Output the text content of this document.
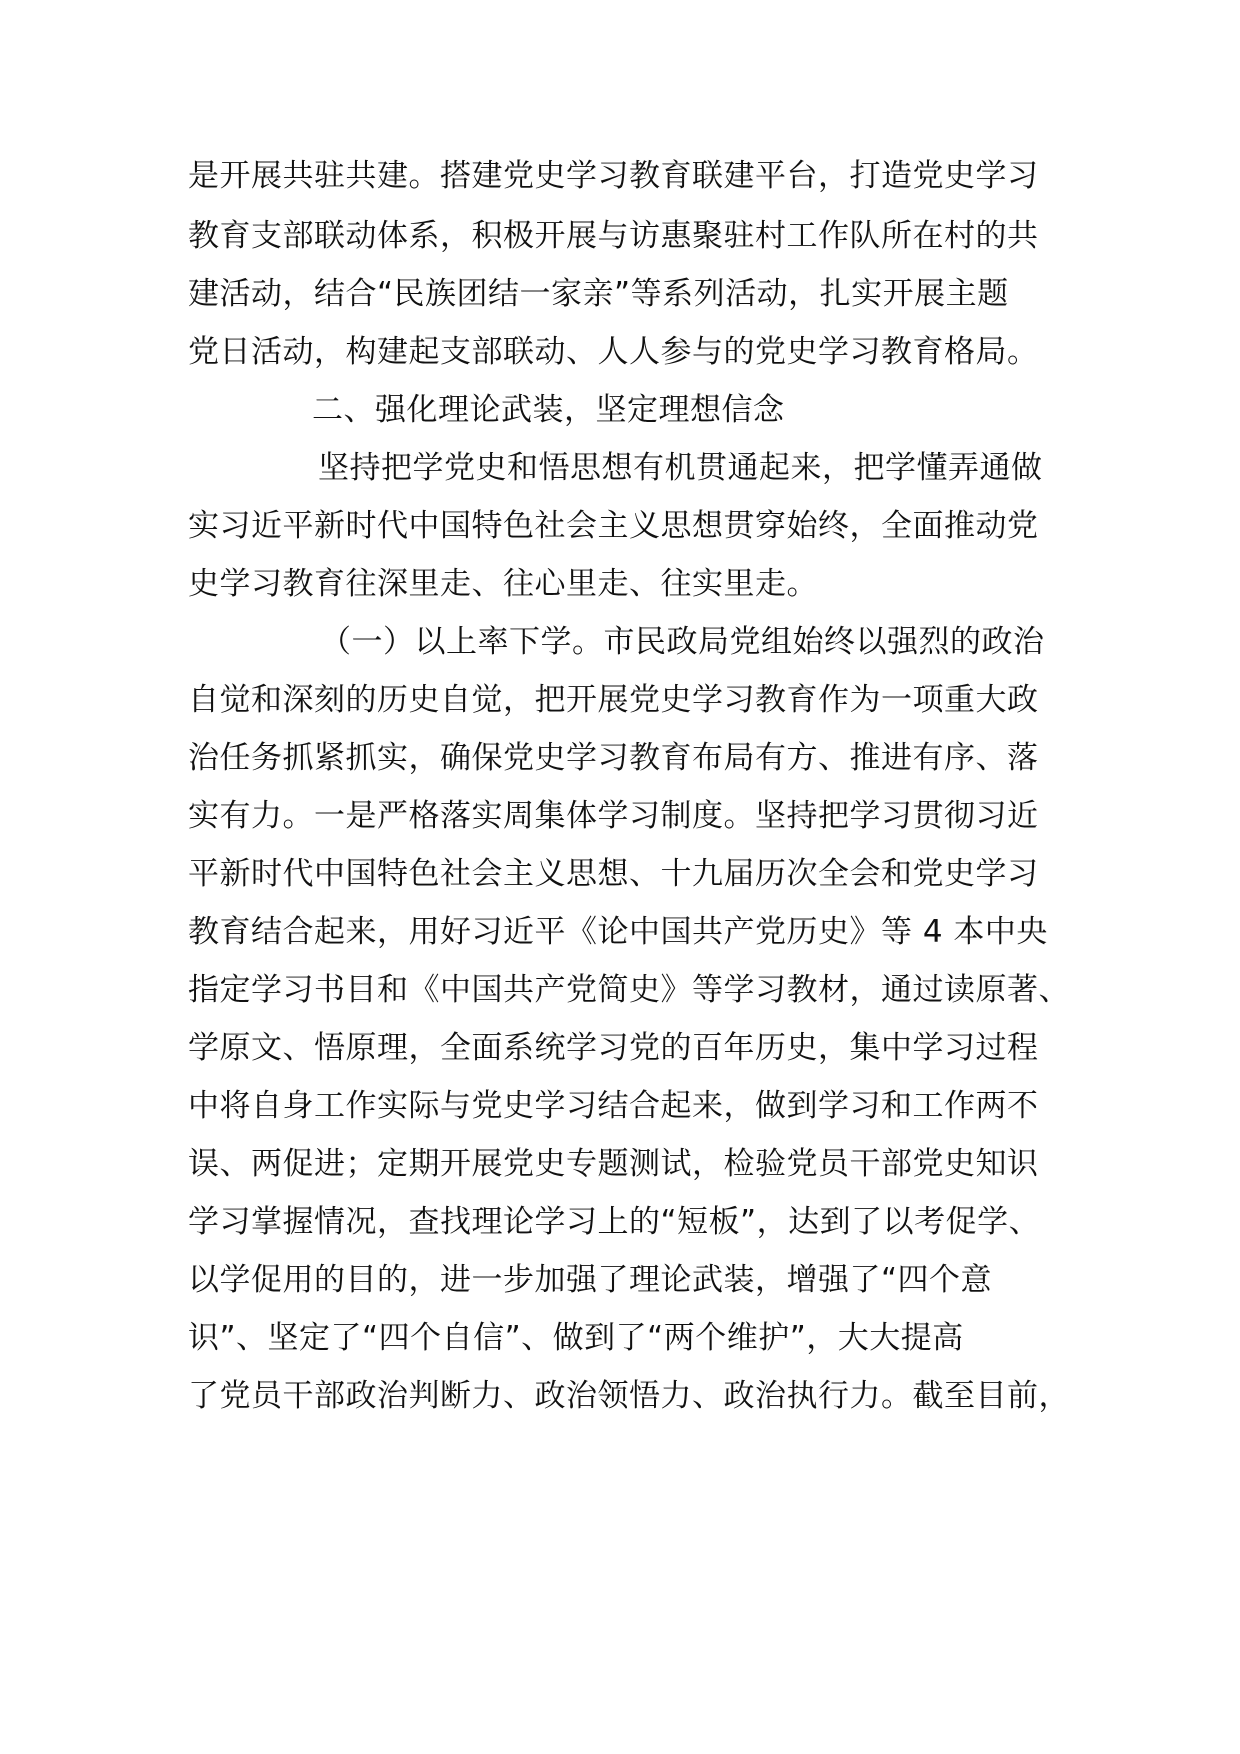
是开展共驻共建。搭建党史学习教育联建平台，打造党史学习
教育支部联动体系，积极开展与访惠聚驻村工作队所在村的共
建活动，结合“民族团结一家亲”等系列活动，扎实开展主题
党日活动，构建起支部联动、人人参与的党史学习教育格局。
二、强化理论武装，坚定理想信念
坚持把学党史和悟思想有机贯通起来，把学懂弄通做
实习近平新时代中国特色社会主义思想贯穿始终，全面推动党
史学习教育往深里走、往心里走、往实里走。
（一）以上率下学。市民政局党组始终以强烈的政治
自觉和深刻的历史自觉，把开展党史学习教育作为一项重大政
治任务抓紧抓实，确保党史学习教育布局有方、推进有序、落
实有力。一是严格落实周集体学习制度。坚持把学习贯彻习近
平新时代中国特色社会主义思想、十九届历次全会和党史学习
教育结合起来，用好习近平《论中国共产党历史》等 4 本中央
指定学习书目和《中国共产党简史》等学习教材，通过读原著、
学原文、悟原理，全面系统学习党的百年历史，集中学习过程
中将自身工作实际与党史学习结合起来，做到学习和工作两不
误、两促进；定期开展党史专题测试，检验党员干部党史知识
学习掌握情况，查找理论学习上的“短板”，达到了以考促学、
以学促用的目的，进一步加强了理论武装，增强了“四个意
识”、坚定了“四个自信”、做到了“两个维护”，大大提高
了党员干部政治判断力、政治领悟力、政治执行力。截至目前，
